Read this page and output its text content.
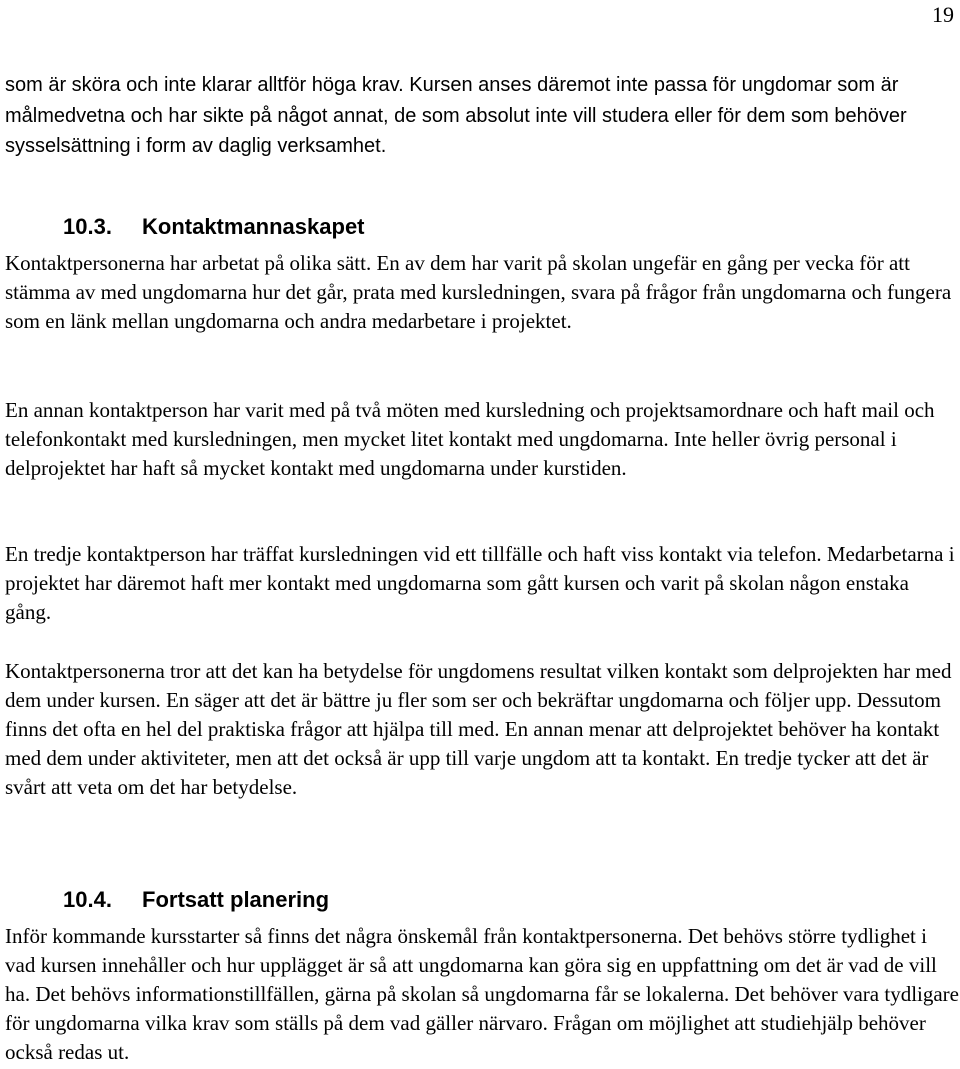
19

som är sköra och inte klarar alltför höga krav. Kursen anses däremot inte passa för ungdomar som är målmedvetna och har sikte på något annat, de som absolut inte vill studera eller för dem som behöver sysselsättning i form av daglig verksamhet.

10.3. Kontaktmannaskapet

Kontaktpersonerna har arbetat på olika sätt. En av dem har varit på skolan ungefär en gång per vecka för att stämma av med ungdomarna hur det går, prata med kursledningen, svara på frågor från ungdomarna och fungera som en länk mellan ungdomarna och andra medarbetare i projektet.

En annan kontaktperson har varit med på två möten med kursledning och projektsamordnare och haft mail och telefonkontakt med kursledningen, men mycket litet kontakt med ungdomarna. Inte heller övrig personal i delprojektet har haft så mycket kontakt med ungdomarna under kurstiden.

En tredje kontaktperson har träffat kursledningen vid ett tillfälle och haft viss kontakt via telefon. Medarbetarna i projektet har däremot haft mer kontakt med ungdomarna som gått kursen och varit på skolan någon enstaka gång.

Kontaktpersonerna tror att det kan ha betydelse för ungdomens resultat vilken kontakt som delprojekten har med dem under kursen. En säger att det är bättre ju fler som ser och bekräftar ungdomarna och följer upp. Dessutom finns det ofta en hel del praktiska frågor att hjälpa till med. En annan menar att delprojektet behöver ha kontakt med dem under aktiviteter, men att det också är upp till varje ungdom att ta kontakt. En tredje tycker att det är svårt att veta om det har betydelse.

10.4. Fortsatt planering

Inför kommande kursstarter så finns det några önskemål från kontaktpersonerna. Det behövs större tydlighet i vad kursen innehåller och hur upplägget är så att ungdomarna kan göra sig en uppfattning om det är vad de vill ha. Det behövs informationstillfällen, gärna på skolan så ungdomarna får se lokalerna. Det behöver vara tydligare för ungdomarna vilka krav som ställs på dem vad gäller närvaro. Frågan om möjlighet att studiehjälp behöver också redas ut.
